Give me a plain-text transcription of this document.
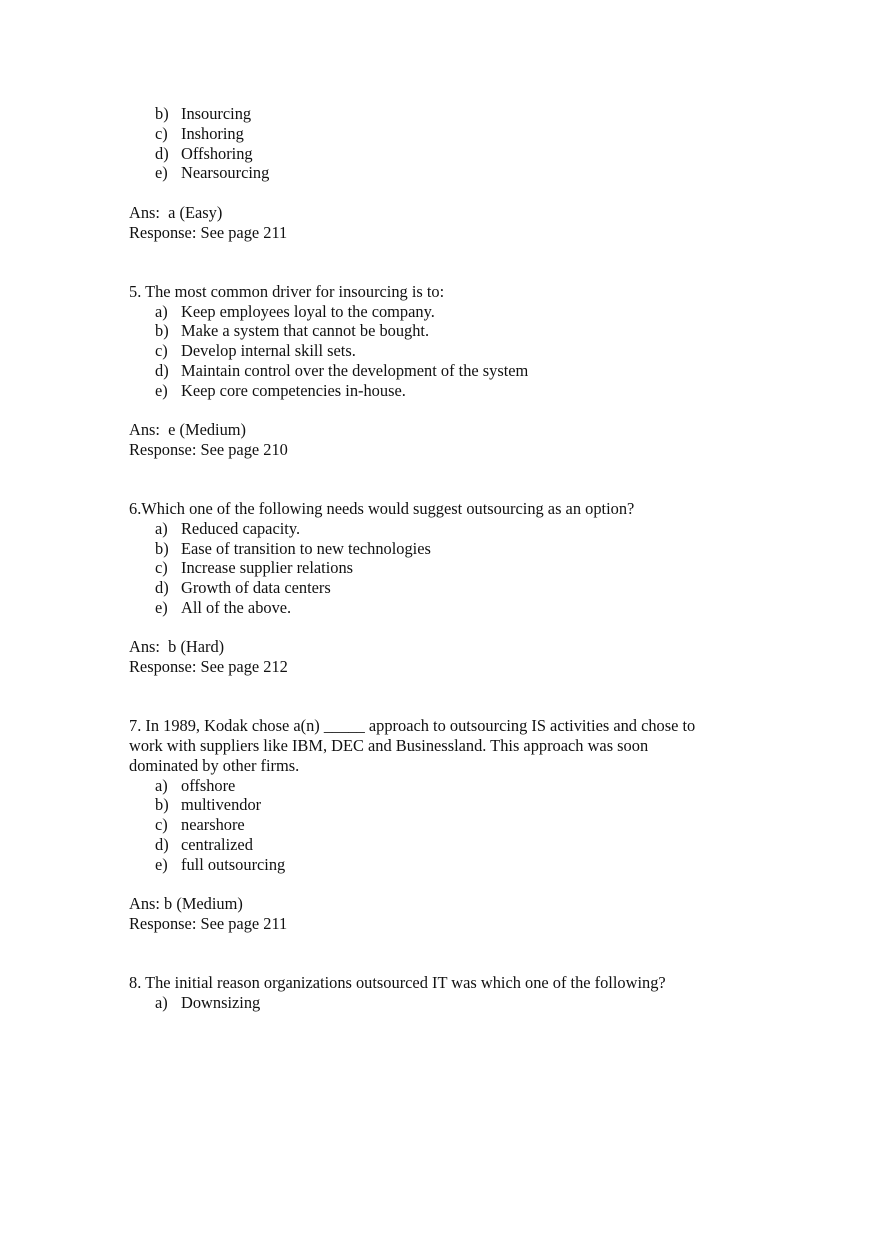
b) Insourcing
c) Inshoring
d) Offshoring
e) Nearsourcing
Ans:  a (Easy)
Response: See page 211
5. The most common driver for insourcing is to:
a) Keep employees loyal to the company.
b) Make a system that cannot be bought.
c) Develop internal skill sets.
d) Maintain control over the development of the system
e) Keep core competencies in-house.
Ans:  e (Medium)
Response: See page 210
6.Which one of the following needs would suggest outsourcing as an option?
a) Reduced capacity.
b) Ease of transition to new technologies
c) Increase supplier relations
d) Growth of data centers
e) All of the above.
Ans:  b (Hard)
Response: See page 212
7. In 1989, Kodak chose a(n) _____ approach to outsourcing IS activities and chose to
work with suppliers like IBM, DEC and Businessland. This approach was soon
dominated by other firms.
a) offshore
b) multivendor
c) nearshore
d) centralized
e) full outsourcing
Ans: b (Medium)
Response: See page 211
8. The initial reason organizations outsourced IT was which one of the following?
a) Downsizing
